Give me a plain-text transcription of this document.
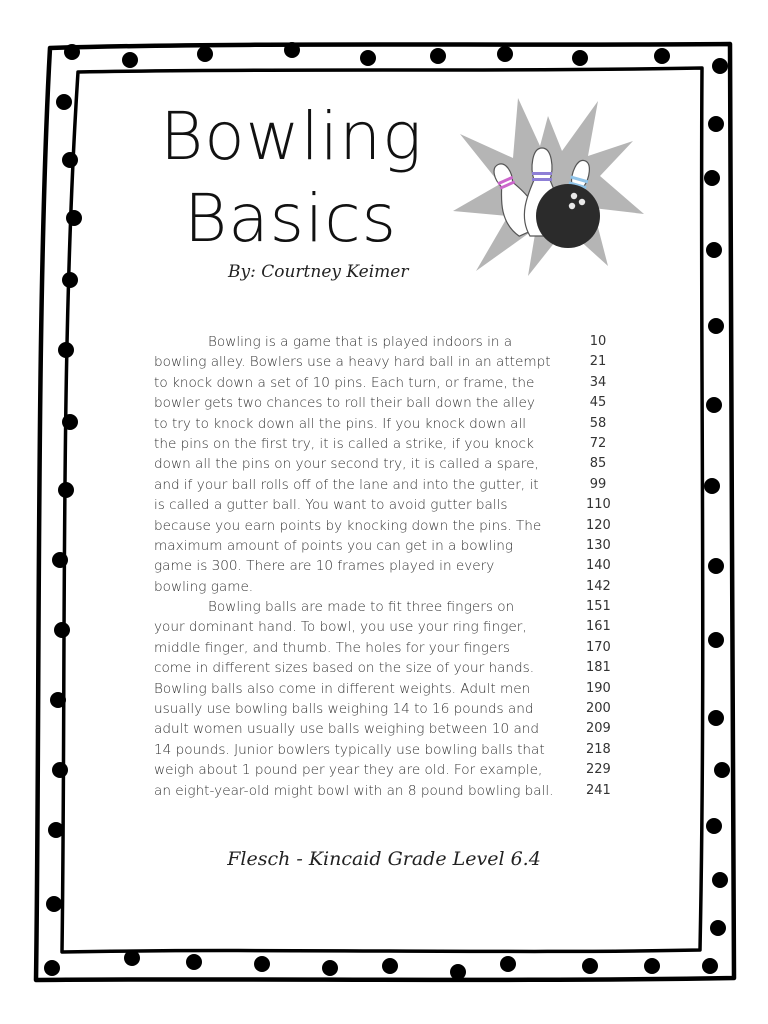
Bowling
Basics
By: Courtney Keimer
Bowling is a game that is played indoors in a	10
bowling alley. Bowlers use a heavy hard ball in an attempt	21
to knock down a set of 10 pins. Each turn, or frame, the	34
bowler gets two chances to roll their ball down the alley	45
to try to knock down all the pins. If you knock down all	58
the pins on the first try, it is called a strike, if you knock	72
down all the pins on your second try, it is called a spare,	85
and if your ball rolls off of the lane and into the gutter, it	99
is called a gutter ball. You want to avoid gutter balls	110
because you earn points by knocking down the pins. The	120
maximum amount of points you can get in a bowling	130
game is 300. There are 10 frames played in every	140
bowling game.	142
Bowling balls are made to fit three fingers on	151
your dominant hand. To bowl, you use your ring finger,	161
middle finger, and thumb. The holes for your fingers	170
come in different sizes based on the size of your hands.	181
Bowling balls also come in different weights. Adult men	190
usually use bowling balls weighing 14 to 16 pounds and	200
adult women usually use balls weighing between 10 and	209
14 pounds. Junior bowlers typically use bowling balls that	218
weigh about 1 pound per year they are old. For example,	229
an eight-year-old might bowl with an 8 pound bowling ball. 241
Flesch - Kincaid Grade Level 6.4
